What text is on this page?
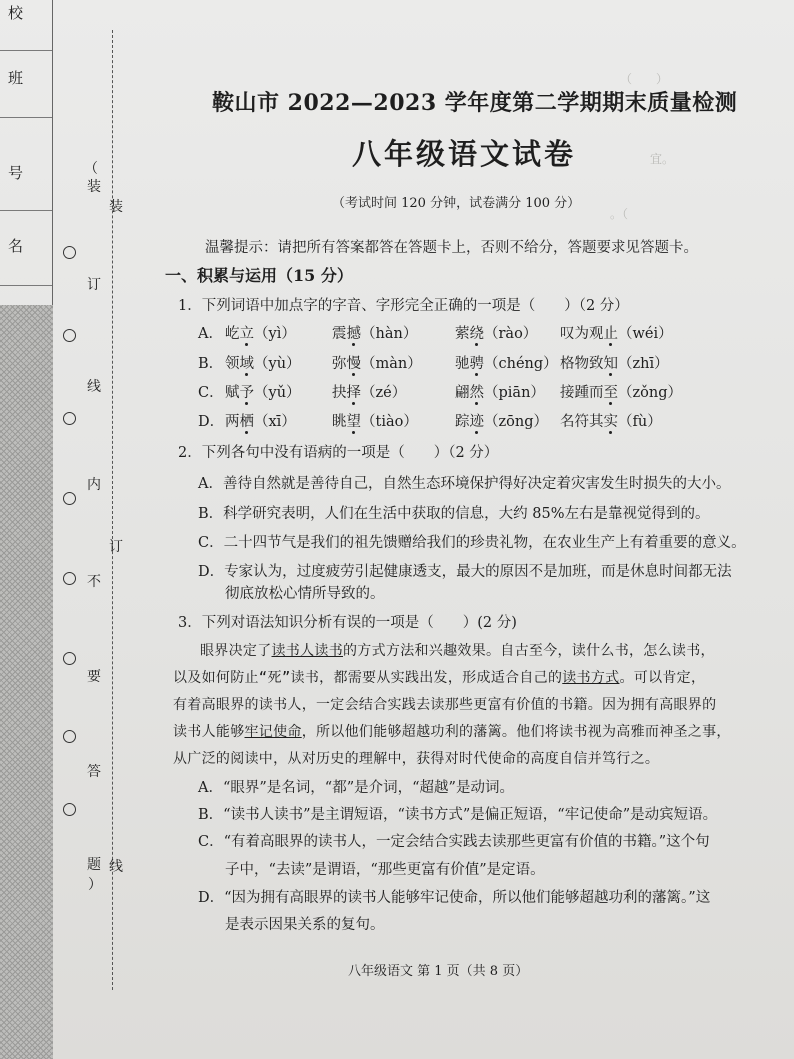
校
班
号
名
（
装
订
线
内
不
要
答
题
）
装
订
线
（　　）
宜。
。（
鞍山市 2022—2023 学年度第二学期期末质量检测
八年级语文试卷
（考试时间 120 分钟，试卷满分 100 分）
温馨提示：请把所有答案都答在答题卡上，否则不给分，答题要求见答题卡。
一、积累与运用（15 分）
1．下列词语中加点字的字音、字形完全正确的一项是（　　）（2 分）
A． 屹立（yì） 震撼（hàn）	萦绕（rào） 叹为观止（wéi）
B． 领域（yù） 弥慢（màn） 驰骋（chéng） 格物致知（zhī）
C． 赋予（yǔ） 抉择（zé）	翩然（piān） 接踵而至（zǒng）
D． 两栖（xī） 眺望（tiào）	踪迹（zōng） 名符其实（fù）
2．下列各句中没有语病的一项是（　　）（2 分）
A．善待自然就是善待自己，自然生态环境保护得好决定着灾害发生时损失的大小。
B．科学研究表明，人们在生活中获取的信息，大约 85%左右是靠视觉得到的。
C．二十四节气是我们的祖先馈赠给我们的珍贵礼物，在农业生产上有着重要的意义。
D．专家认为，过度疲劳引起健康透支，最大的原因不是加班，而是休息时间都无法
彻底放松心情所导致的。
3．下列对语法知识分析有误的一项是（　　）(2 分)
眼界决定了读书人读书的方式方法和兴趣效果。自古至今，读什么书，怎么读书，
以及如何防止“死”读书，都需要从实践出发，形成适合自己的读书方式。可以肯定，
有着高眼界的读书人，一定会结合实践去读那些更富有价值的书籍。因为拥有高眼界的
读书人能够牢记使命，所以他们能够超越功利的藩篱。他们将读书视为高雅而神圣之事，
从广泛的阅读中，从对历史的理解中，获得对时代使命的高度自信并笃行之。
A．“眼界”是名词，“都”是介词，“超越”是动词。
B．“读书人读书”是主谓短语，“读书方式”是偏正短语，“牢记使命”是动宾短语。
C．“有着高眼界的读书人，一定会结合实践去读那些更富有价值的书籍。”这个句
子中，“去读”是谓语，“那些更富有价值”是定语。
D．“因为拥有高眼界的读书人能够牢记使命，所以他们能够超越功利的藩篱。”这
是表示因果关系的复句。
八年级语文 第 1 页（共 8 页）
